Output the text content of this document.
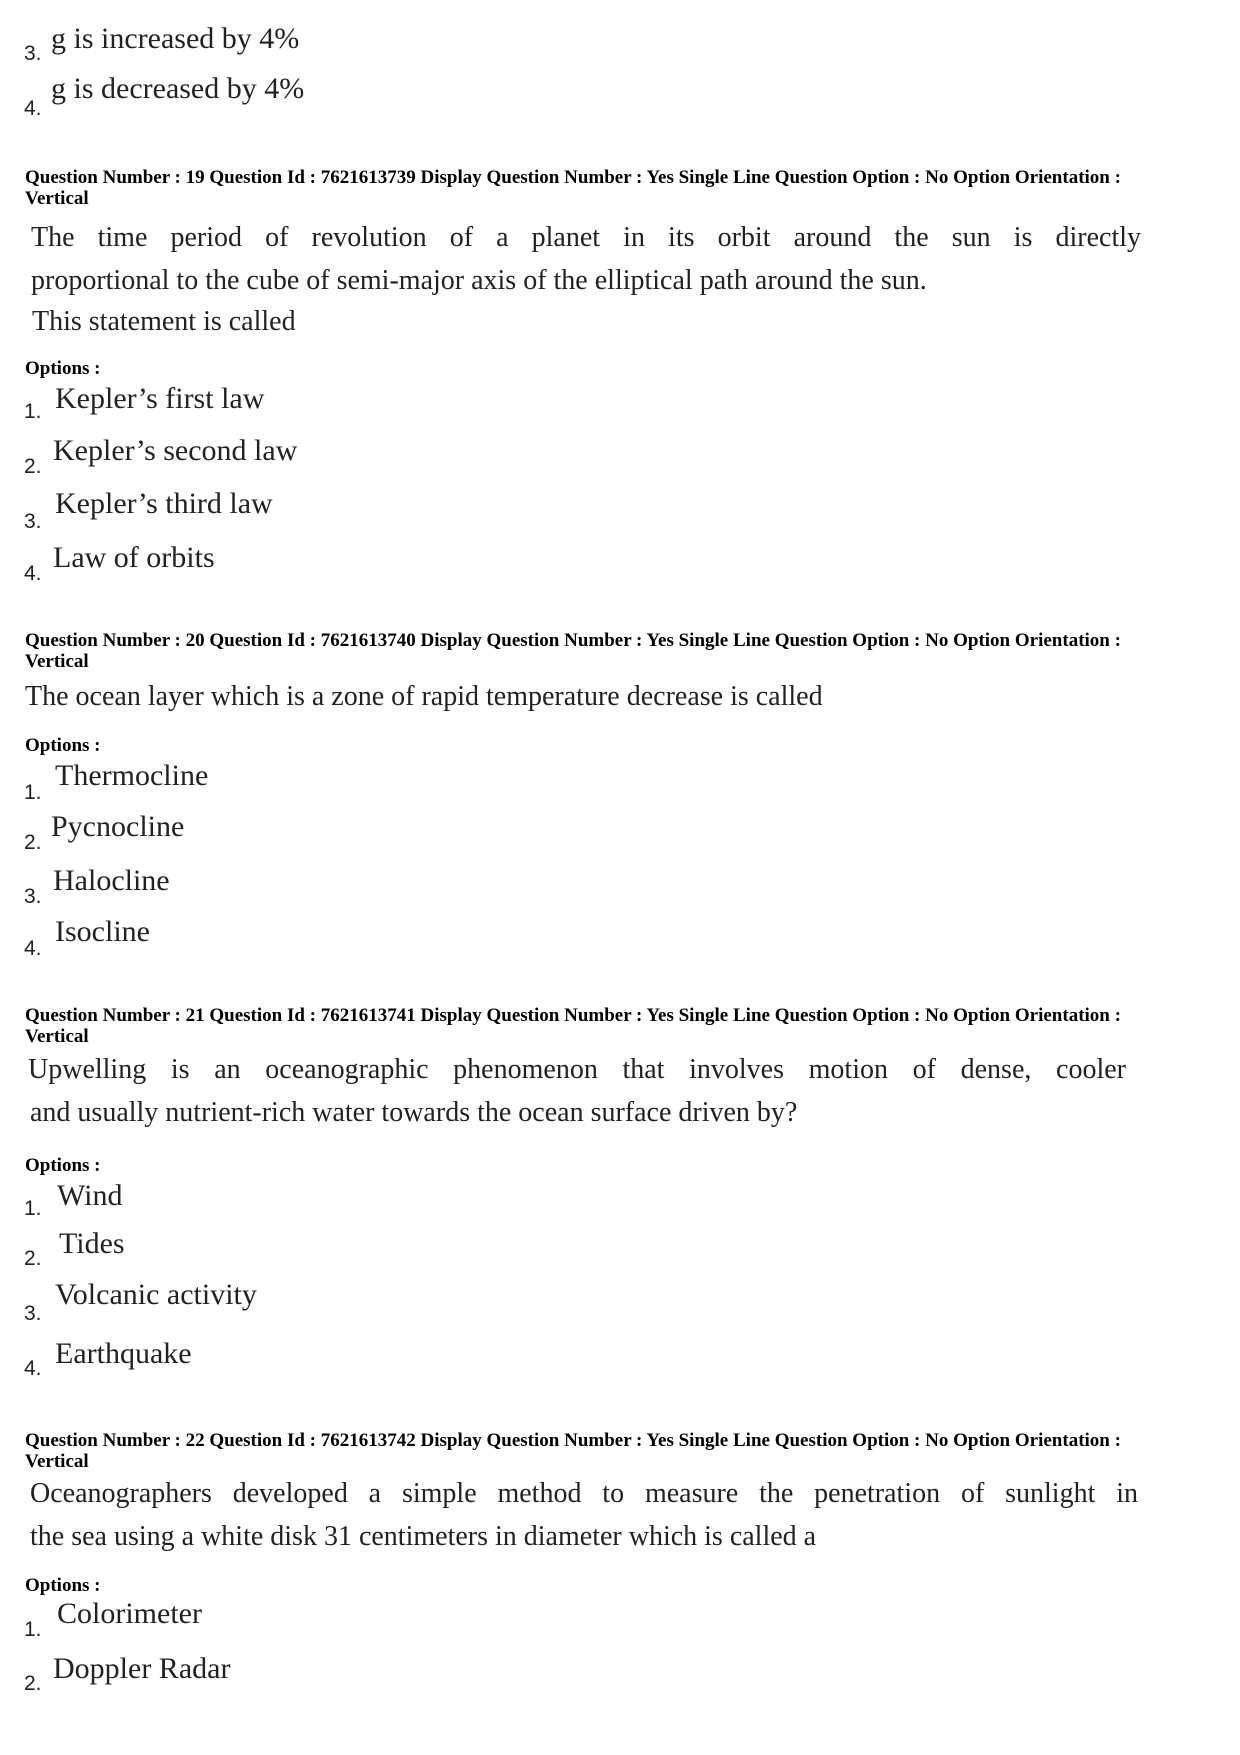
3. g is increased by 4%
4.
g is decreased by 4%
Question Number : 19 Question Id : 7621613739 Display Question Number : Yes Single Line Question Option : No Option Orientation : Vertical
The time period of revolution of a planet in its orbit around the sun is directly
proportional to the cube of semi-major axis of the elliptical path around the sun.
This statement is called
Options :
1. Kepler’s first law
2. Kepler’s second law
3.
Kepler’s third law
4. Law of orbits
Question Number : 20 Question Id : 7621613740 Display Question Number : Yes Single Line Question Option : No Option Orientation : Vertical
The ocean layer which is a zone of rapid temperature decrease is called
Options :
1.
Thermocline
2. Pycnocline
3. Halocline
4.
Isocline
Question Number : 21 Question Id : 7621613741 Display Question Number : Yes Single Line Question Option : No Option Orientation : Vertical
Upwelling is an oceanographic phenomenon that involves motion of dense, cooler
and usually nutrient-rich water towards the ocean surface driven by?
Options :
1. Wind
2. Tides
3.
Volcanic activity
4. Earthquake
Question Number : 22 Question Id : 7621613742 Display Question Number : Yes Single Line Question Option : No Option Orientation : Vertical
Oceanographers developed a simple method to measure the penetration of sunlight in
the sea using a white disk 31 centimeters in diameter which is called a
Options :
1. Colorimeter
2. Doppler Radar
